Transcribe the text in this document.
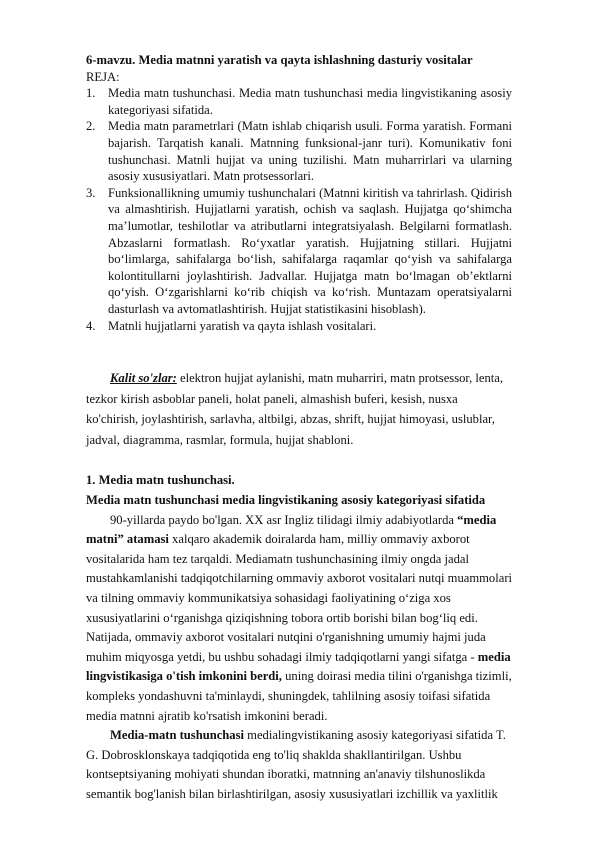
6-mavzu. Media matnni yaratish va qayta ishlashning dasturiy vositalar

REJA:

1. Media matn tushunchasi. Media matn tushunchasi media lingvistikaning asosiy kategoriyasi sifatida.
2. Media matn parametrlari (Matn ishlab chiqarish usuli. Forma yaratish. Formani bajarish. Tarqatish kanali. Matnning funksional-janr turi). Komunikativ foni tushunchasi. Matnli hujjat va uning tuzilishi. Matn muharrirlari va ularning asosiy xususiyatlari. Matn protsessorlari.
3. Funksionallikning umumiy tushunchalari (Matnni kiritish va tahrirlash. Qidirish va almashtirish. Hujjatlarni yaratish, ochish va saqlash. Hujjatga qo‘shimcha ma’lumotlar, teshilotlar va atributlarni integratsiyalash. Belgilarni formatlash. Abzaslarni formatlash. Ro‘yxatlar yaratish. Hujjatning stillari. Hujjatni bo‘limlarga, sahifalarga bo‘lish, sahifalarga raqamlar qo‘yish va sahifalarga kolontitullarni joylashtirish. Jadvallar. Hujjatga matn bo‘lmagan ob’ektlarni qo‘yish. O‘zgarishlarni ko‘rib chiqish va ko‘rish. Muntazam operatsiyalarni dasturlash va avtomatlashtirish. Hujjat statistikasini hisoblash).
4. Matnli hujjatlarni yaratish va qayta ishlash vositalari.

Kalit so'zlar: elektron hujjat aylanishi, matn muharriri, matn protsessor, lenta, tezkor kirish asboblar paneli, holat paneli, almashish buferi, kesish, nusxa ko'chirish, joylashtirish, sarlavha, altbilgi, abzas, shrift, hujjat himoyasi, uslublar, jadval, diagramma, rasmlar, formula, hujjat shabloni.

1. Media matn tushunchasi.

Media matn tushunchasi media lingvistikaning asosiy kategoriyasi sifatida

90-yillarda paydo bo'lgan. XX asr Ingliz tilidagi ilmiy adabiyotlarda “media matni” atamasi xalqaro akademik doiralarda ham, milliy ommaviy axborot vositalarida ham tez tarqaldi. Mediamatn tushunchasining ilmiy ongda jadal mustahkamlanishi tadqiqotchilarning ommaviy axborot vositalari nutqi muammolari va tilning ommaviy kommunikatsiya sohasidagi faoliyatining o‘ziga xos xususiyatlarini o‘rganishga qiziqishning tobora ortib borishi bilan bog‘liq edi. Natijada, ommaviy axborot vositalari nutqini o'rganishning umumiy hajmi juda muhim miqyosga yetdi, bu ushbu sohadagi ilmiy tadqiqotlarni yangi sifatga - media lingvistikasiga o'tish imkonini berdi, uning doirasi media tilini o'rganishga tizimli, kompleks yondashuvni ta'minlaydi, shuningdek, tahlilning asosiy toifasi sifatida media matnni ajratib ko'rsatish imkonini beradi.

Media-matn tushunchasi medialingvistikaning asosiy kategoriyasi sifatida T. G. Dobrosklonskaya tadqiqotida eng to'liq shaklda shakllantirilgan. Ushbu kontseptsiyaning mohiyati shundan iboratki, matnning an'anaviy tilshunoslikda semantik bog'lanish bilan birlashtirilgan, asosiy xususiyatlari izchillik va yaxlitlik
